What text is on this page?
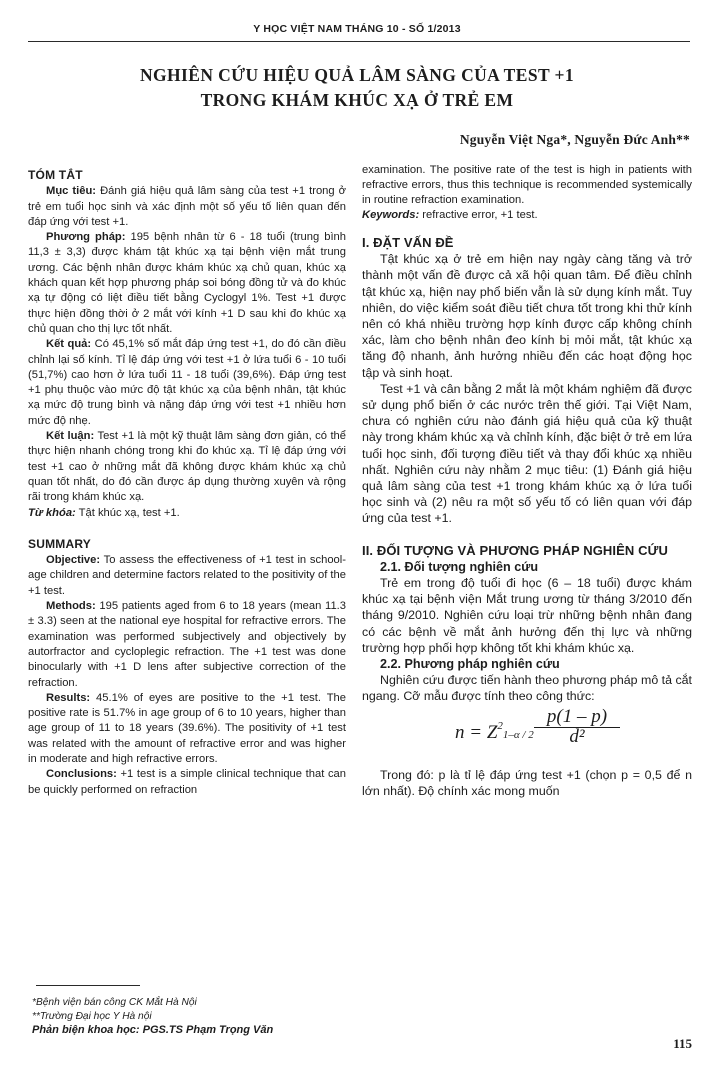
Y HỌC VIỆT NAM THÁNG 10 - SỐ 1/2013
NGHIÊN CỨU HIỆU QUẢ LÂM SÀNG CỦA TEST +1
TRONG KHÁM KHÚC XẠ Ở TRẺ EM
Nguyễn Việt Nga*, Nguyễn Đức Anh**
TÓM TẮT

Mục tiêu: Đánh giá hiệu quả lâm sàng của test +1 trong ở trẻ em tuổi học sinh và xác định một số yếu tố liên quan đến đáp ứng với test +1.

Phương pháp: 195 bệnh nhân từ 6 - 18 tuổi (trung bình 11,3 ± 3,3) được khám tật khúc xạ tại bệnh viện mắt trung ương. Các bệnh nhân được khám khúc xạ chủ quan, khúc xạ khách quan kết hợp phương pháp soi bóng đồng tử và đo khúc xạ tự động có liệt điều tiết bằng Cyclogyl 1%. Test +1 được thực hiện đồng thời ở 2 mắt với kính +1 D sau khi đo khúc xạ chủ quan cho thị lực tốt nhất.

Kết quả: Có 45,1% số mắt đáp ứng test +1, do đó cần điều chỉnh lại số kính. Tỉ lệ đáp ứng với test +1 ở lứa tuổi 6 - 10 tuổi (51,7%) cao hơn ở lứa tuổi 11 - 18 tuổi (39,6%). Đáp ứng test +1 phụ thuộc vào mức độ tật khúc xạ của bệnh nhân, tật khúc xạ mức độ trung bình và nặng đáp ứng với test +1 nhiều hơn mức độ nhẹ.

Kết luận: Test +1 là một kỹ thuật lâm sàng đơn giản, có thể thực hiện nhanh chóng trong khi đo khúc xạ. Tỉ lệ đáp ứng với test +1 cao ở những mắt đã không được khám khúc xạ chủ quan tốt nhất, do đó cần được áp dụng thường xuyên và rộng rãi trong khám khúc xạ.

Từ khóa: Tật khúc xạ, test +1.

SUMMARY

Objective: To assess the effectiveness of +1 test in school-age children and determine factors related to the positivity of the +1 test.

Methods: 195 patients aged from 6 to 18 years (mean 11.3 ± 3.3) seen at the national eye hospital for refractive errors. The examination was performed subjectively and objectively by autorfractor and cycloplegic refraction. The +1 test was done binocularly with +1 D lens after subjective correction of the refraction.

Results: 45.1% of eyes are positive to the +1 test. The positive rate is 51.7% in age group of 6 to 10 years, higher than age group of 11 to 18 years (39.6%). The positivity of +1 test was related with the amount of refractive error and was higher in moderate and high refractive errors.

Conclusions: +1 test is a simple clinical technique that can be quickly performed on refraction

examination. The positive rate of the test is high in patients with refractive errors, thus this technique is recommended systemically in routine refraction examination.

Keywords: refractive error, +1 test.

I. ĐẶT VẤN ĐỀ

Tật khúc xạ ở trẻ em hiện nay ngày càng tăng và trở thành một vấn đề được cả xã hội quan tâm. Để điều chỉnh tật khúc xạ, hiện nay phổ biến vẫn là sử dụng kính mắt. Tuy nhiên, do việc kiểm soát điều tiết chưa tốt trong khi thử kính nên có khá nhiều trường hợp kính được cấp không chính xác, làm cho bệnh nhân đeo kính bị mỏi mắt, tật khúc xạ tăng độ nhanh, ảnh hưởng nhiều đến các hoạt động học tập và sinh hoạt.

Test +1 và cân bằng 2 mắt là một khám nghiệm đã được sử dụng phổ biến ở các nước trên thế giới. Tại Việt Nam, chưa có nghiên cứu nào đánh giá hiệu quả của kỹ thuật này trong khám khúc xạ và chỉnh kính, đặc biệt ở trẻ em lứa tuổi học sinh, đối tượng điều tiết và thay đổi khúc xạ nhiều nhất. Nghiên cứu này nhằm 2 mục tiêu: (1) Đánh giá hiệu quả lâm sàng của test +1 trong khám khúc xạ ở lứa tuổi học sinh và (2) nêu ra một số yếu tố có liên quan với đáp ứng của test +1.

II. ĐỐI TƯỢNG VÀ PHƯƠNG PHÁP NGHIÊN CỨU
2.1. Đối tượng nghiên cứu

Trẻ em trong độ tuổi đi học (6 – 18 tuổi) được khám khúc xạ tại bệnh viện Mắt trung ương từ tháng 3/2010 đến tháng 9/2010. Nghiên cứu loại trừ những bệnh nhân đang có các bệnh về mắt ảnh hưởng đến thị lực và những trường hợp phối hợp không tốt khi khám khúc xạ.

2.2. Phương pháp nghiên cứu

Nghiên cứu được tiến hành theo phương pháp mô tả cắt ngang. Cỡ mẫu được tính theo công thức:

$n = Z^21-\alpha / 2 \frac{p(1 - p)}{\text{d²}}$

Trong đó: p là tỉ lệ đáp ứng test +1 (chọn p = 0,5 để n lớn nhất). Độ chính xác mong muốn

*Bệnh viện bán công CK Mắt Hà Nội
**Trường Đại học Y Hà nội
Phản biện khoa học: PGS.TS Phạm Trọng Văn
115
